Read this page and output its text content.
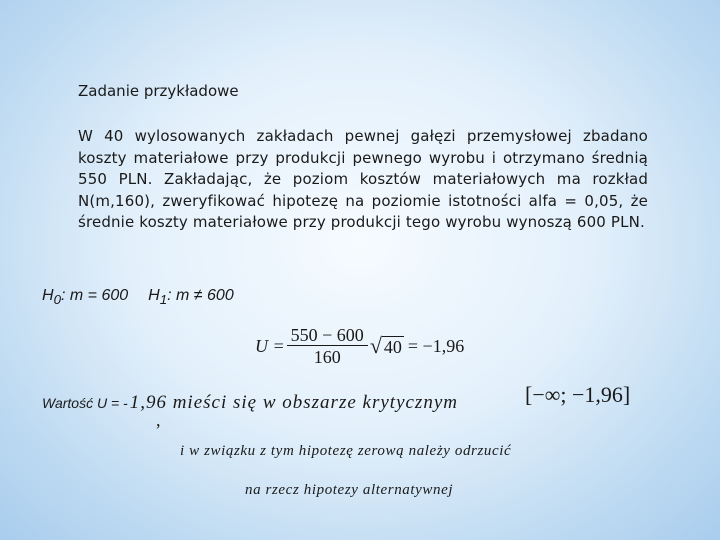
Zadanie przykładowe
W 40 wylosowanych zakładach pewnej gałęzi przemysłowej zbadano koszty materiałowe przy produkcji pewnego wyrobu i otrzymano średnią 550 PLN. Zakładając, że poziom kosztów materiałowych ma rozkład N(m,160), zweryfikować hipotezę na poziomie istotności alfa = 0,05, że średnie koszty materiałowe przy produkcji tego wyrobu wynoszą 600 PLN.
$H_0$: m = 600 $H_1$: m ≠ 600
$U = \frac{550 - 600}{160}$ √ 40 = −1,96
Wartość U = - 1,96 mieści się w obszarze krytycznym
,
[−∞; −1,96]
i w związku z tym hipotezę zerową należy odrzucić
na rzecz hipotezy alternatywnej
